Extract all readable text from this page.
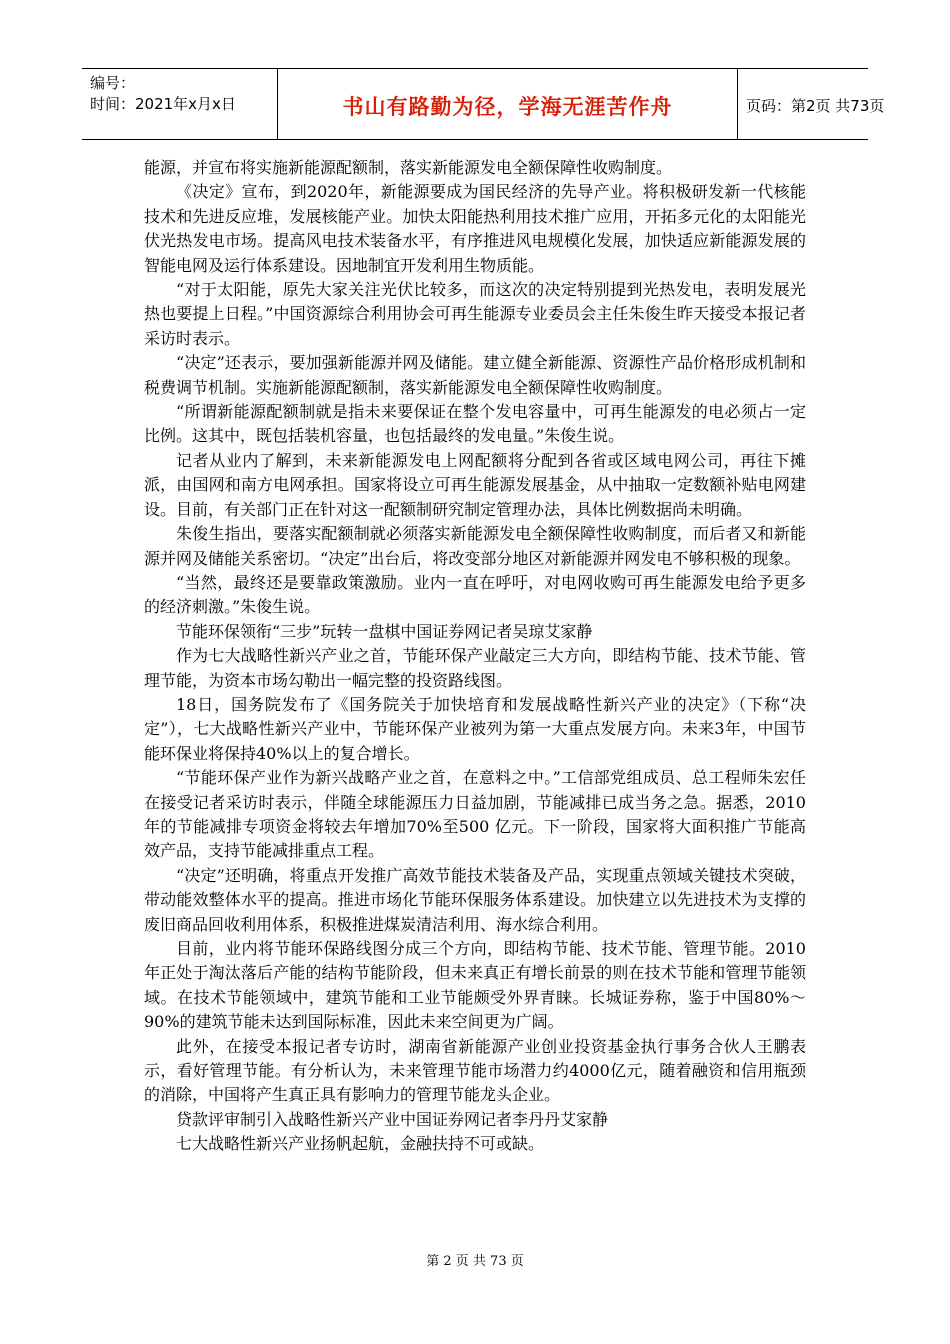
编号：
时间：2021年x月x日	书山有路勤为径，学海无涯苦作舟	页码：第2页 共73页

能源，并宣布将实施新能源配额制，落实新能源发电全额保障性收购制度。

《决定》宣布，到2020年，新能源要成为国民经济的先导产业。将积极研发新一代核能技术和先进反应堆，发展核能产业。加快太阳能热利用技术推广应用，开拓多元化的太阳能光伏光热发电市场。提高风电技术装备水平，有序推进风电规模化发展，加快适应新能源发展的智能电网及运行体系建设。因地制宜开发利用生物质能。

“对于太阳能，原先大家关注光伏比较多，而这次的决定特别提到光热发电，表明发展光热也要提上日程。”中国资源综合利用协会可再生能源专业委员会主任朱俊生昨天接受本报记者采访时表示。

“决定”还表示，要加强新能源并网及储能。建立健全新能源、资源性产品价格形成机制和税费调节机制。实施新能源配额制，落实新能源发电全额保障性收购制度。

“所谓新能源配额制就是指未来要保证在整个发电容量中，可再生能源发的电必须占一定比例。这其中，既包括装机容量，也包括最终的发电量。”朱俊生说。

记者从业内了解到，未来新能源发电上网配额将分配到各省或区域电网公司，再往下摊派，由国网和南方电网承担。国家将设立可再生能源发展基金，从中抽取一定数额补贴电网建设。目前，有关部门正在针对这一配额制研究制定管理办法，具体比例数据尚未明确。

朱俊生指出，要落实配额制就必须落实新能源发电全额保障性收购制度，而后者又和新能源并网及储能关系密切。“决定”出台后，将改变部分地区对新能源并网发电不够积极的现象。

“当然，最终还是要靠政策激励。业内一直在呼吁，对电网收购可再生能源发电给予更多的经济刺激。”朱俊生说。

节能环保领衔“三步”玩转一盘棋中国证券网记者吴琼艾家静

作为七大战略性新兴产业之首，节能环保产业敲定三大方向，即结构节能、技术节能、管理节能，为资本市场勾勒出一幅完整的投资路线图。

18日，国务院发布了《国务院关于加快培育和发展战略性新兴产业的决定》（下称“决定”），七大战略性新兴产业中，节能环保产业被列为第一大重点发展方向。未来3年，中国节能环保业将保持40%以上的复合增长。

“节能环保产业作为新兴战略产业之首，在意料之中。”工信部党组成员、总工程师朱宏任在接受记者采访时表示，伴随全球能源压力日益加剧，节能减排已成当务之急。据悉，2010年的节能减排专项资金将较去年增加70%至500 亿元。下一阶段，国家将大面积推广节能高效产品，支持节能减排重点工程。

“决定”还明确，将重点开发推广高效节能技术装备及产品，实现重点领域关键技术突破，带动能效整体水平的提高。推进市场化节能环保服务体系建设。加快建立以先进技术为支撑的废旧商品回收利用体系，积极推进煤炭清洁利用、海水综合利用。

目前，业内将节能环保路线图分成三个方向，即结构节能、技术节能、管理节能。2010年正处于淘汰落后产能的结构节能阶段，但未来真正有增长前景的则在技术节能和管理节能领域。在技术节能领域中，建筑节能和工业节能颇受外界青睐。长城证券称，鉴于中国80%～90%的建筑节能未达到国际标准，因此未来空间更为广阔。

此外，在接受本报记者专访时，湖南省新能源产业创业投资基金执行事务合伙人王鹏表示，看好管理节能。有分析认为，未来管理节能市场潜力约4000亿元，随着融资和信用瓶颈的消除，中国将产生真正具有影响力的管理节能龙头企业。

贷款评审制引入战略性新兴产业中国证券网记者李丹丹艾家静

七大战略性新兴产业扬帆起航，金融扶持不可或缺。

第 2 页 共 73 页
